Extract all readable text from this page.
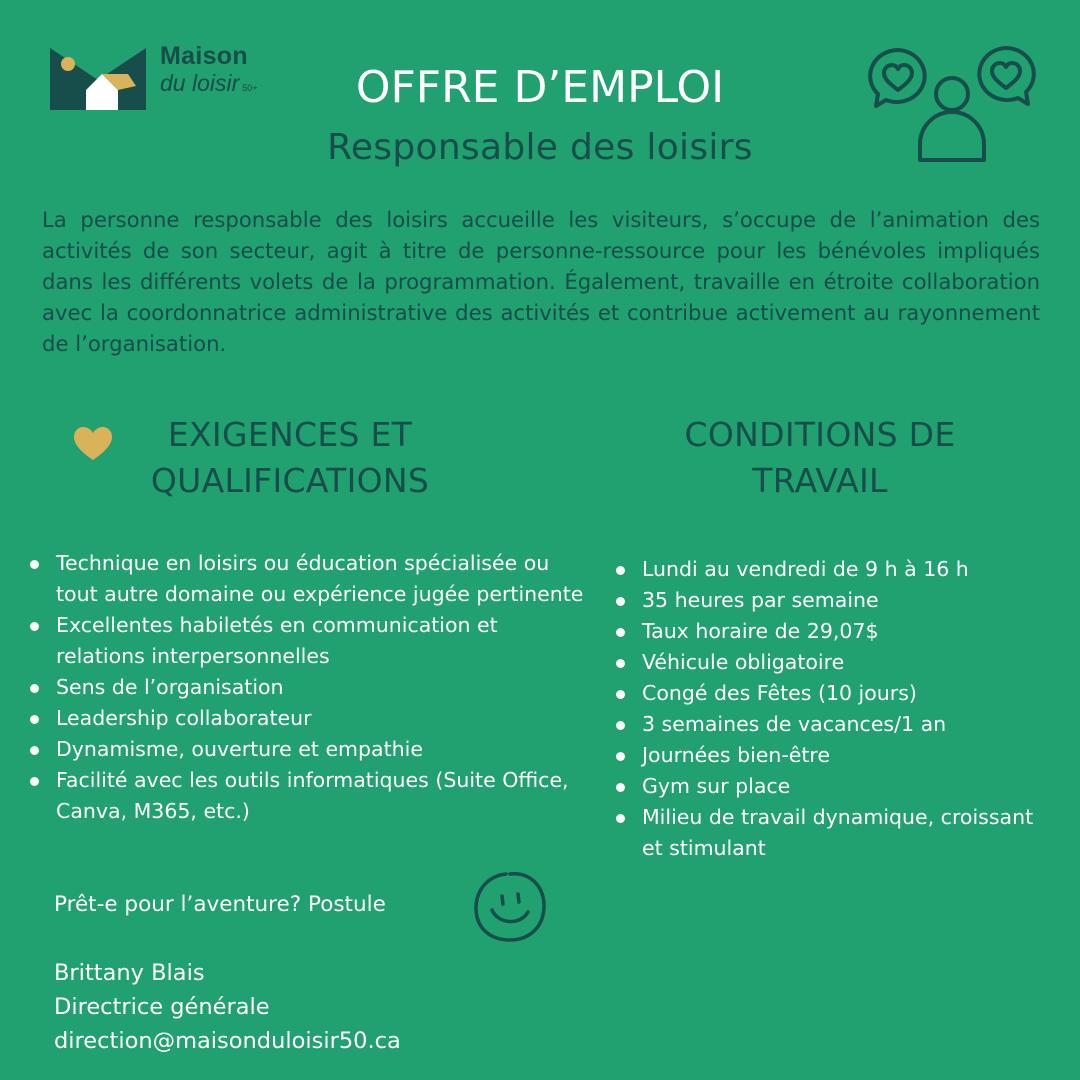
Maison
du loisir 50+	OFFRE D’EMPLOI
Responsable des loisirs

La personne responsable des loisirs accueille les visiteurs, s’occupe de l’animation des activités de son secteur, agit à titre de personne-ressource pour les bénévoles impliqués dans les différents volets de la programmation. Également, travaille en étroite collaboration avec la coordonnatrice administrative des activités et contribue activement au rayonnement de l’organisation.

EXIGENCES ET
QUALIFICATIONS
Technique en loisirs ou éducation spécialisée ou tout autre domaine ou expérience jugée pertinente
Excellentes habiletés en communication et relations interpersonnelles
Sens de l’organisation
Leadership collaborateur
Dynamisme, ouverture et empathie
Facilité avec les outils informatiques (Suite Office, Canva, M365, etc.)
CONDITIONS DE
TRAVAIL
Lundi au vendredi de 9 h à 16 h
35 heures par semaine
Taux horaire de 29,07$
Véhicule obligatoire
Congé des Fêtes (10 jours)
3 semaines de vacances/1 an
Journées bien-être
Gym sur place
Milieu de travail dynamique, croissant et stimulant
Prêt-e pour l’aventure? Postule
Brittany Blais
Directrice générale
direction@maisonduloisir50.ca
